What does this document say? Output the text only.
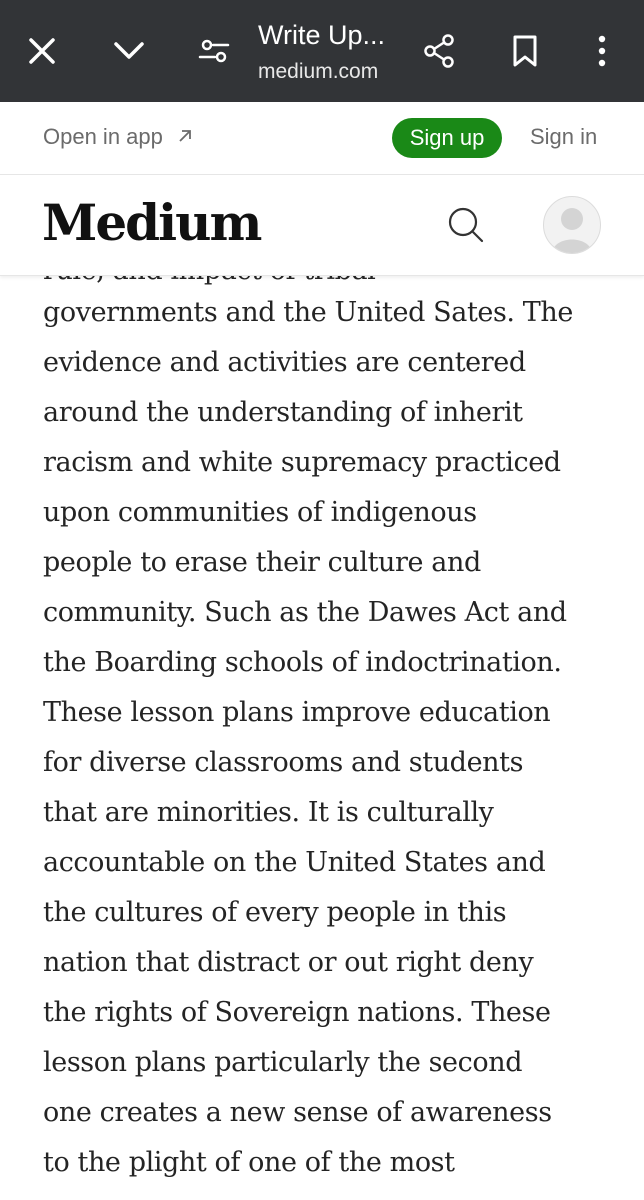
Write Up...
medium.com
Open in app	Sign up	Sign in
Medium
governments and the United Sates. The
evidence and activities are centered
around the understanding of inherit
racism and white supremacy practiced
upon communities of indigenous
people to erase their culture and
community. Such as the Dawes Act and
the Boarding schools of indoctrination.
These lesson plans improve education
for diverse classrooms and students
that are minorities. It is culturally
accountable on the United States and
the cultures of every people in this
nation that distract or out right deny
the rights of Sovereign nations. These
lesson plans particularly the second
one creates a new sense of awareness
to the plight of one of the most
